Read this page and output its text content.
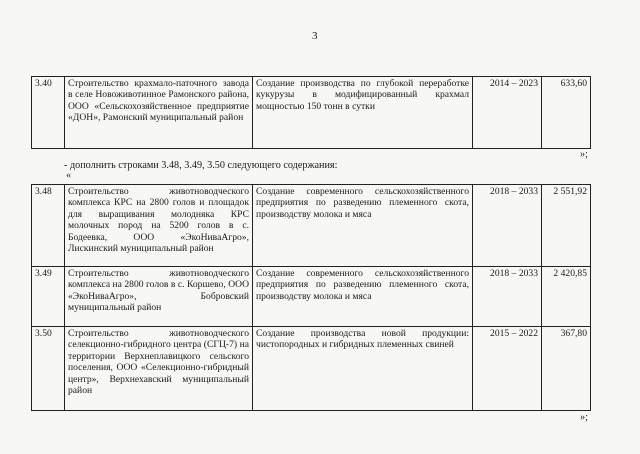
3
3.40	Строительство крахмало-паточного завода в селе Новоживотинное Рамонского района, ООО «Сельскохозяйственное предприятие «ДОН», Рамонский муниципальный район	Создание производства по глубокой переработке кукурузы в модифицированный крахмал мощностью 150 тонн в сутки	2014 – 2023	633,60
»;
- дополнить строками 3.48, 3.49, 3.50 следующего содержания:
«
3.48	Строительство животноводческого комплекса КРС на 2800 голов и площадок для выращивания молодняка КРС молочных пород на 5200 голов в с. Бодеевка, ООО «ЭкоНиваАгро», Лискинский муниципальный район	Создание современного сельскохозяйственного предприятия по разведению племенного скота, производству молока и мяса	2018 – 2033	2 551,92
3.49	Строительство животноводческого комплекса на 2800 голов в с. Коршево, ООО «ЭкоНиваАгро», Бобровский муниципальный район	Создание современного сельскохозяйственного предприятия по разведению племенного скота, производству молока и мяса	2018 – 2033	2 420,85
3.50	Строительство животноводческого селекционно-гибридного центра (СГЦ-7) на территории Верхнеплавицкого сельского поселения, ООО «Селекционно-гибридный центр», Верхнехавский муниципальный район	Создание производства новой продукции: чистопородных и гибридных племенных свиней	2015 – 2022	367,80
»;
